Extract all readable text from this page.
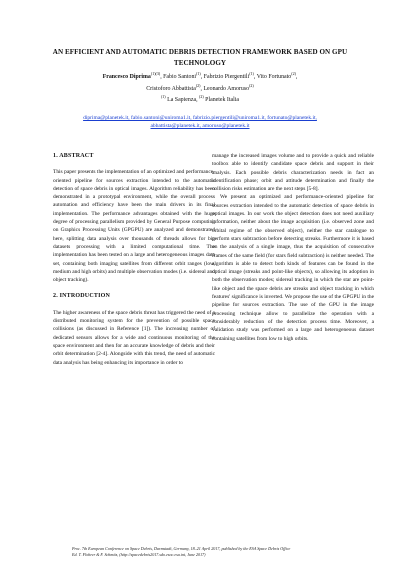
AN EFFICIENT AND AUTOMATIC DEBRIS DETECTION FRAMEWORK BASED ON GPU TECHNOLOGY
Francesco Diprima$^{(1)(3)}$, Fabio Santoni$^{(1)}$, Fabrizio Piergentili$^{(1)}$, Vito Fortunato$^{(2)}$,
Cristoforo Abbattista$^{(2)}$, Leonardo Amoruso$^{(2)}$
$^{(1)}$ La Sapienza, $^{(2)}$ Planetek Italia
diprima@planetek.it, fabio.santoni@uniroma1.it, fabrizio.piergentili@uniroma1.it, fortunato@planetek.it,
abbattista@planetek.it, amoruso@planetek.it
1. ABSTRACT

This paper presents the implementation of an optimized and performance-oriented pipeline for sources extraction intended to the automatic detection of space debris in optical images. Algorithm reliability has been demonstrated in a prototypal environment, while the overall process automation and efficiency have been the main drivers in its final implementation. The performance advantages obtained with the huge degree of processing parallelism provided by General Purpose computing on Graphics Processing Units (GPGPU) are analyzed and demonstrated here, splitting data analysis over thousands of threads allows for big datasets processing with a limited computational time. The implementation has been tested on a large and heterogeneous images data set, containing both imaging satellites from different orbit ranges (low, medium and high orbits) and multiple observation modes (i.e. sidereal and object tracking).

2. INTRODUCTION

The higher awareness of the space debris threat has triggered the need of a distributed monitoring system for the prevention of possible space collisions (as discussed in Reference [1]). The increasing number of dedicated sensors allows for a wide and continuous monitoring of the space environment and then for an accurate knowledge of debris and their orbit determination [2-4]. Alongside with this trend, the need of automatic data analysis has being enhancing its importance in order to

manage the increased images volume and to provide a quick and reliable toolbox able to identify candidate space debris and support in their analysis. Each possible debris characterization needs in fact an identification phase; orbit and attitude determination and finally the collision risks estimation are the next steps [5-8].

We present an optimized and performance-oriented pipeline for sources extraction intended to the automatic detection of space debris in optical images. In our work the object detection does not need auxiliary information, neither about the image acquisition (i.e. observed zone and orbital regime of the observed object), neither the star catalogue to perform stars subtraction before detecting streaks. Furthermore it is based on the analysis of a single image, thus the acquisition of consecutive frames of the same field (for stars field subtraction) is neither needed. The algorithm is able to detect both kinds of features can be found in the optical image (streaks and point-like objects), so allowing its adoption in both the observation modes; sidereal tracking in which the star are point-like object and the space debris are streaks and object tracking in which features' significance is inverted. We propose the use of the GPGPU in the pipeline for sources extraction. The use of the GPU in the image processing technique allow to parallelize the operation with a considerably reduction of the detection process time. Moreover, a validation study was performed on a large and heterogeneous dataset containing satellites from low to high orbits.

Proc. 7th European Conference on Space Debris, Darmstadt, Germany, 18–21 April 2017, published by the ESA Space Debris Office
Ed. T. Flohrer & F. Schmitz, (http://spacedebris2017.sdo.esoc.esa.int, June 2017)
